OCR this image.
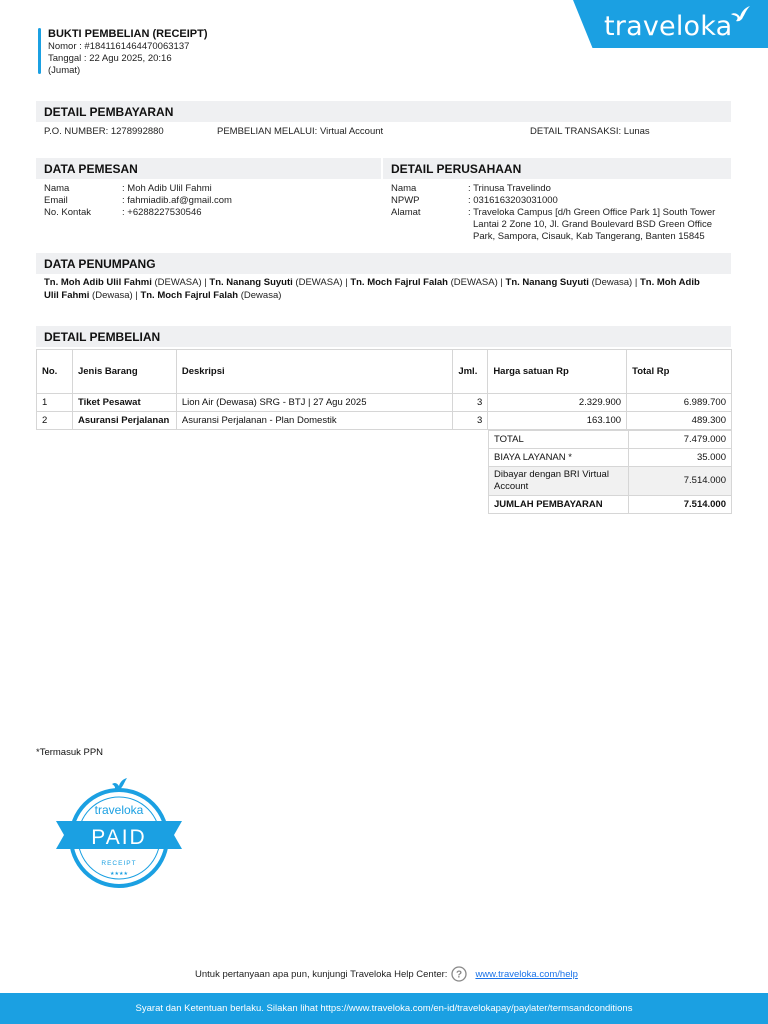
BUKTI PEMBELIAN (RECEIPT)
Nomor : #1841161464470063137
Tanggal : 22 Agu 2025, 20:16
(Jumat)
traveloka
DETAIL PEMBAYARAN
P.O. NUMBER: 1278992880	PEMBELIAN MELALUI: Virtual Account	DETAIL TRANSAKSI: Lunas
DATA PEMESAN	DETAIL PERUSAHAAN
Nama	: Moh Adib Ulil Fahmi
Email	: fahmiadib.af@gmail.com
No. Kontak	: +6288227530546
Nama	: Trinusa Travelindo
NPWP	: 0316163203031000
Alamat	: Traveloka Campus [d/h Green Office Park 1] South Tower
Lantai 2 Zone 10, Jl. Grand Boulevard BSD Green Office
Park, Sampora, Cisauk, Kab Tangerang, Banten 15845
DATA PENUMPANG
Tn. Moh Adib Ulil Fahmi (DEWASA) | Tn. Nanang Suyuti (DEWASA) | Tn. Moch Fajrul Falah (DEWASA) | Tn. Nanang Suyuti (Dewasa) | Tn. Moh Adib Ulil Fahmi (Dewasa) | Tn. Moch Fajrul Falah (Dewasa)
DETAIL PEMBELIAN
No.	Jenis Barang	Deskripsi	Jml.	Harga satuan Rp	Total Rp
1	Tiket Pesawat	Lion Air (Dewasa) SRG - BTJ | 27 Agu 2025	3	2.329.900	6.989.700
2	Asuransi Perjalanan	Asuransi Perjalanan - Plan Domestik	3	163.100	489.300
TOTAL	7.479.000
BIAYA LAYANAN *	35.000

Dibayar dengan BRI Virtual
Account	7.514.000
JUMLAH PEMBAYARAN	7.514.000
*Termasuk PPN
traveloka
PAID
RECEIPT
★★★★
Untuk pertanyaan apa pun, kunjungi Traveloka Help Center: ? www.traveloka.com/help
Syarat dan Ketentuan berlaku. Silakan lihat https://www.traveloka.com/en-id/travelokapay/paylater/termsandconditions
